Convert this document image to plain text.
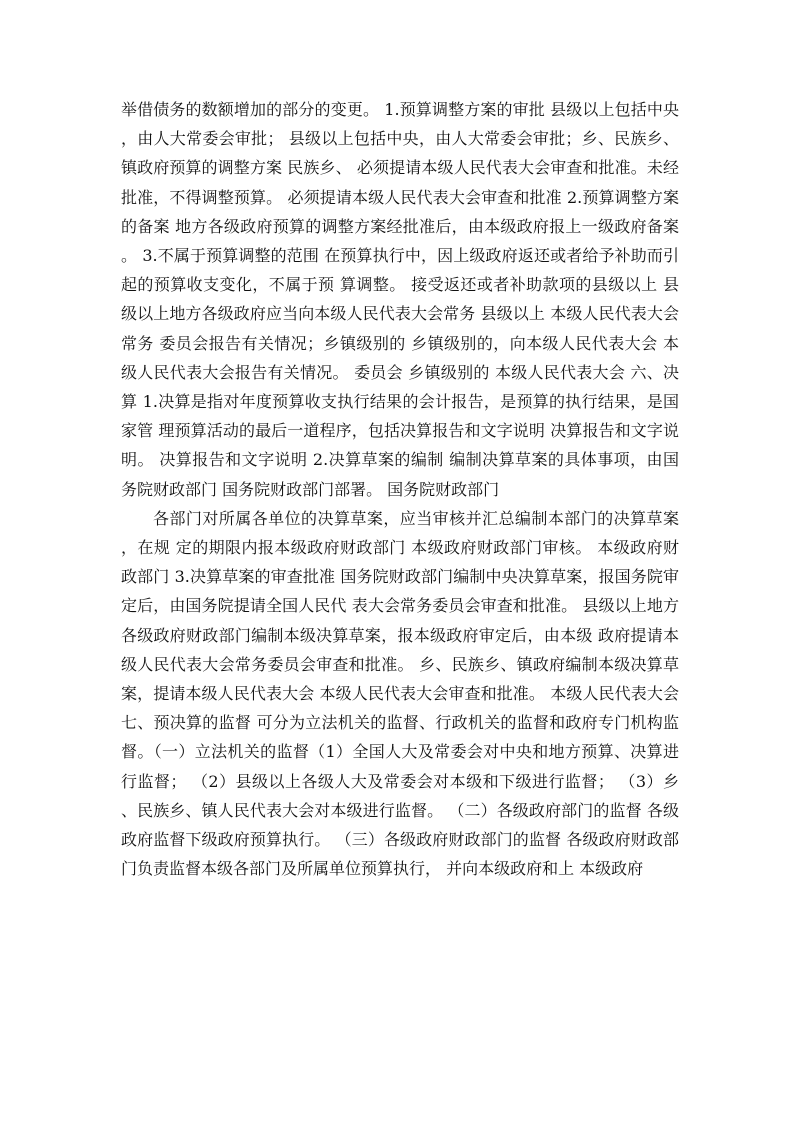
举借债务的数额增加的部分的变更。 1.预算调整方案的审批 县级以上包括中央，由人大常委会审批； 县级以上包括中央，由人大常委会审批；乡、民族乡、镇政府预算的调整方案 民族乡、 必须提请本级人民代表大会审查和批准。未经批准，不得调整预算。 必须提请本级人民代表大会审查和批准 2.预算调整方案的备案 地方各级政府预算的调整方案经批准后，由本级政府报上一级政府备案。 3.不属于预算调整的范围 在预算执行中，因上级政府返还或者给予补助而引起的预算收支变化，不属于预 算调整。 接受返还或者补助款项的县级以上 县级以上地方各级政府应当向本级人民代表大会常务 县级以上 本级人民代表大会常务 委员会报告有关情况；乡镇级别的 乡镇级别的，向本级人民代表大会 本级人民代表大会报告有关情况。 委员会 乡镇级别的 本级人民代表大会 六、决 算 1.决算是指对年度预算收支执行结果的会计报告，是预算的执行结果，是国家管 理预算活动的最后一道程序，包括决算报告和文字说明 决算报告和文字说明。 决算报告和文字说明 2.决算草案的编制 编制决算草案的具体事项，由国务院财政部门 国务院财政部门部署。 国务院财政部门

各部门对所属各单位的决算草案，应当审核并汇总编制本部门的决算草案，在规 定的期限内报本级政府财政部门 本级政府财政部门审核。 本级政府财政部门 3.决算草案的审查批准 国务院财政部门编制中央决算草案，报国务院审定后，由国务院提请全国人民代 表大会常务委员会审查和批准。 县级以上地方各级政府财政部门编制本级决算草案，报本级政府审定后，由本级 政府提请本级人民代表大会常务委员会审查和批准。 乡、民族乡、镇政府编制本级决算草案，提请本级人民代表大会 本级人民代表大会审查和批准。 本级人民代表大会 七、预决算的监督 可分为立法机关的监督、行政机关的监督和政府专门机构监督。（一）立法机关的监督（1）全国人大及常委会对中央和地方预算、决算进行监督； （2）县级以上各级人大及常委会对本级和下级进行监督； （3）乡、民族乡、镇人民代表大会对本级进行监督。 （二）各级政府部门的监督 各级政府监督下级政府预算执行。 （三）各级政府财政部门的监督 各级政府财政部门负责监督本级各部门及所属单位预算执行， 并向本级政府和上 本级政府
